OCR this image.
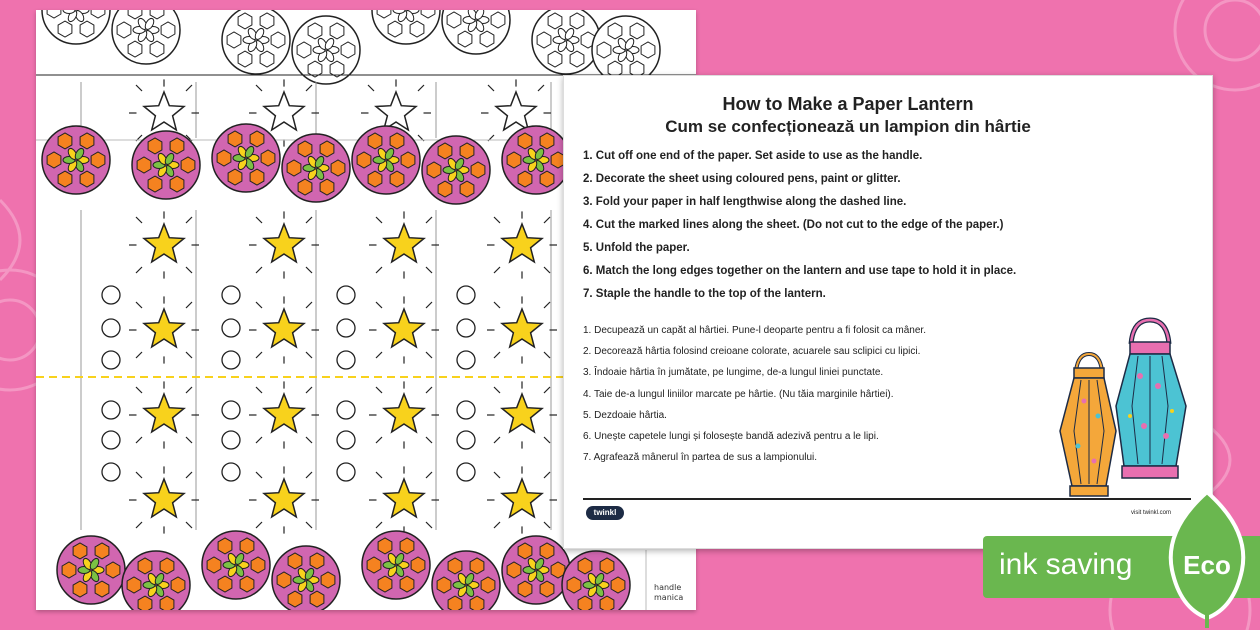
handle
manica
How to Make a Paper Lantern
Cum se confecționează un lampion din hârtie
1. Cut off one end of the paper. Set aside to use as the handle.
2. Decorate the sheet using coloured pens, paint or glitter.
3. Fold your paper in half lengthwise along the dashed line.
4. Cut the marked lines along the sheet. (Do not cut to the edge of the paper.)
5. Unfold the paper.
6. Match the long edges together on the lantern and use tape to hold it in place.
7. Staple the handle to the top of the lantern.
1. Decupează un capăt al hârtiei. Pune-l deoparte pentru a fi folosit ca mâner.
2. Decorează hârtia folosind creioane colorate, acuarele sau sclipici cu lipici.
3. Îndoaie hârtia în jumătate, pe lungime, de-a lungul liniei punctate.
4. Taie de-a lungul liniilor marcate pe hârtie. (Nu tăia marginile hârtiei).
5. Dezdoaie hârtia.
6. Unește capetele lungi și folosește bandă adezivă pentru a le lipi.
7. Agrafează mânerul în partea de sus a lampionului.
twinkl	visit twinkl.com
ink saving Eco
